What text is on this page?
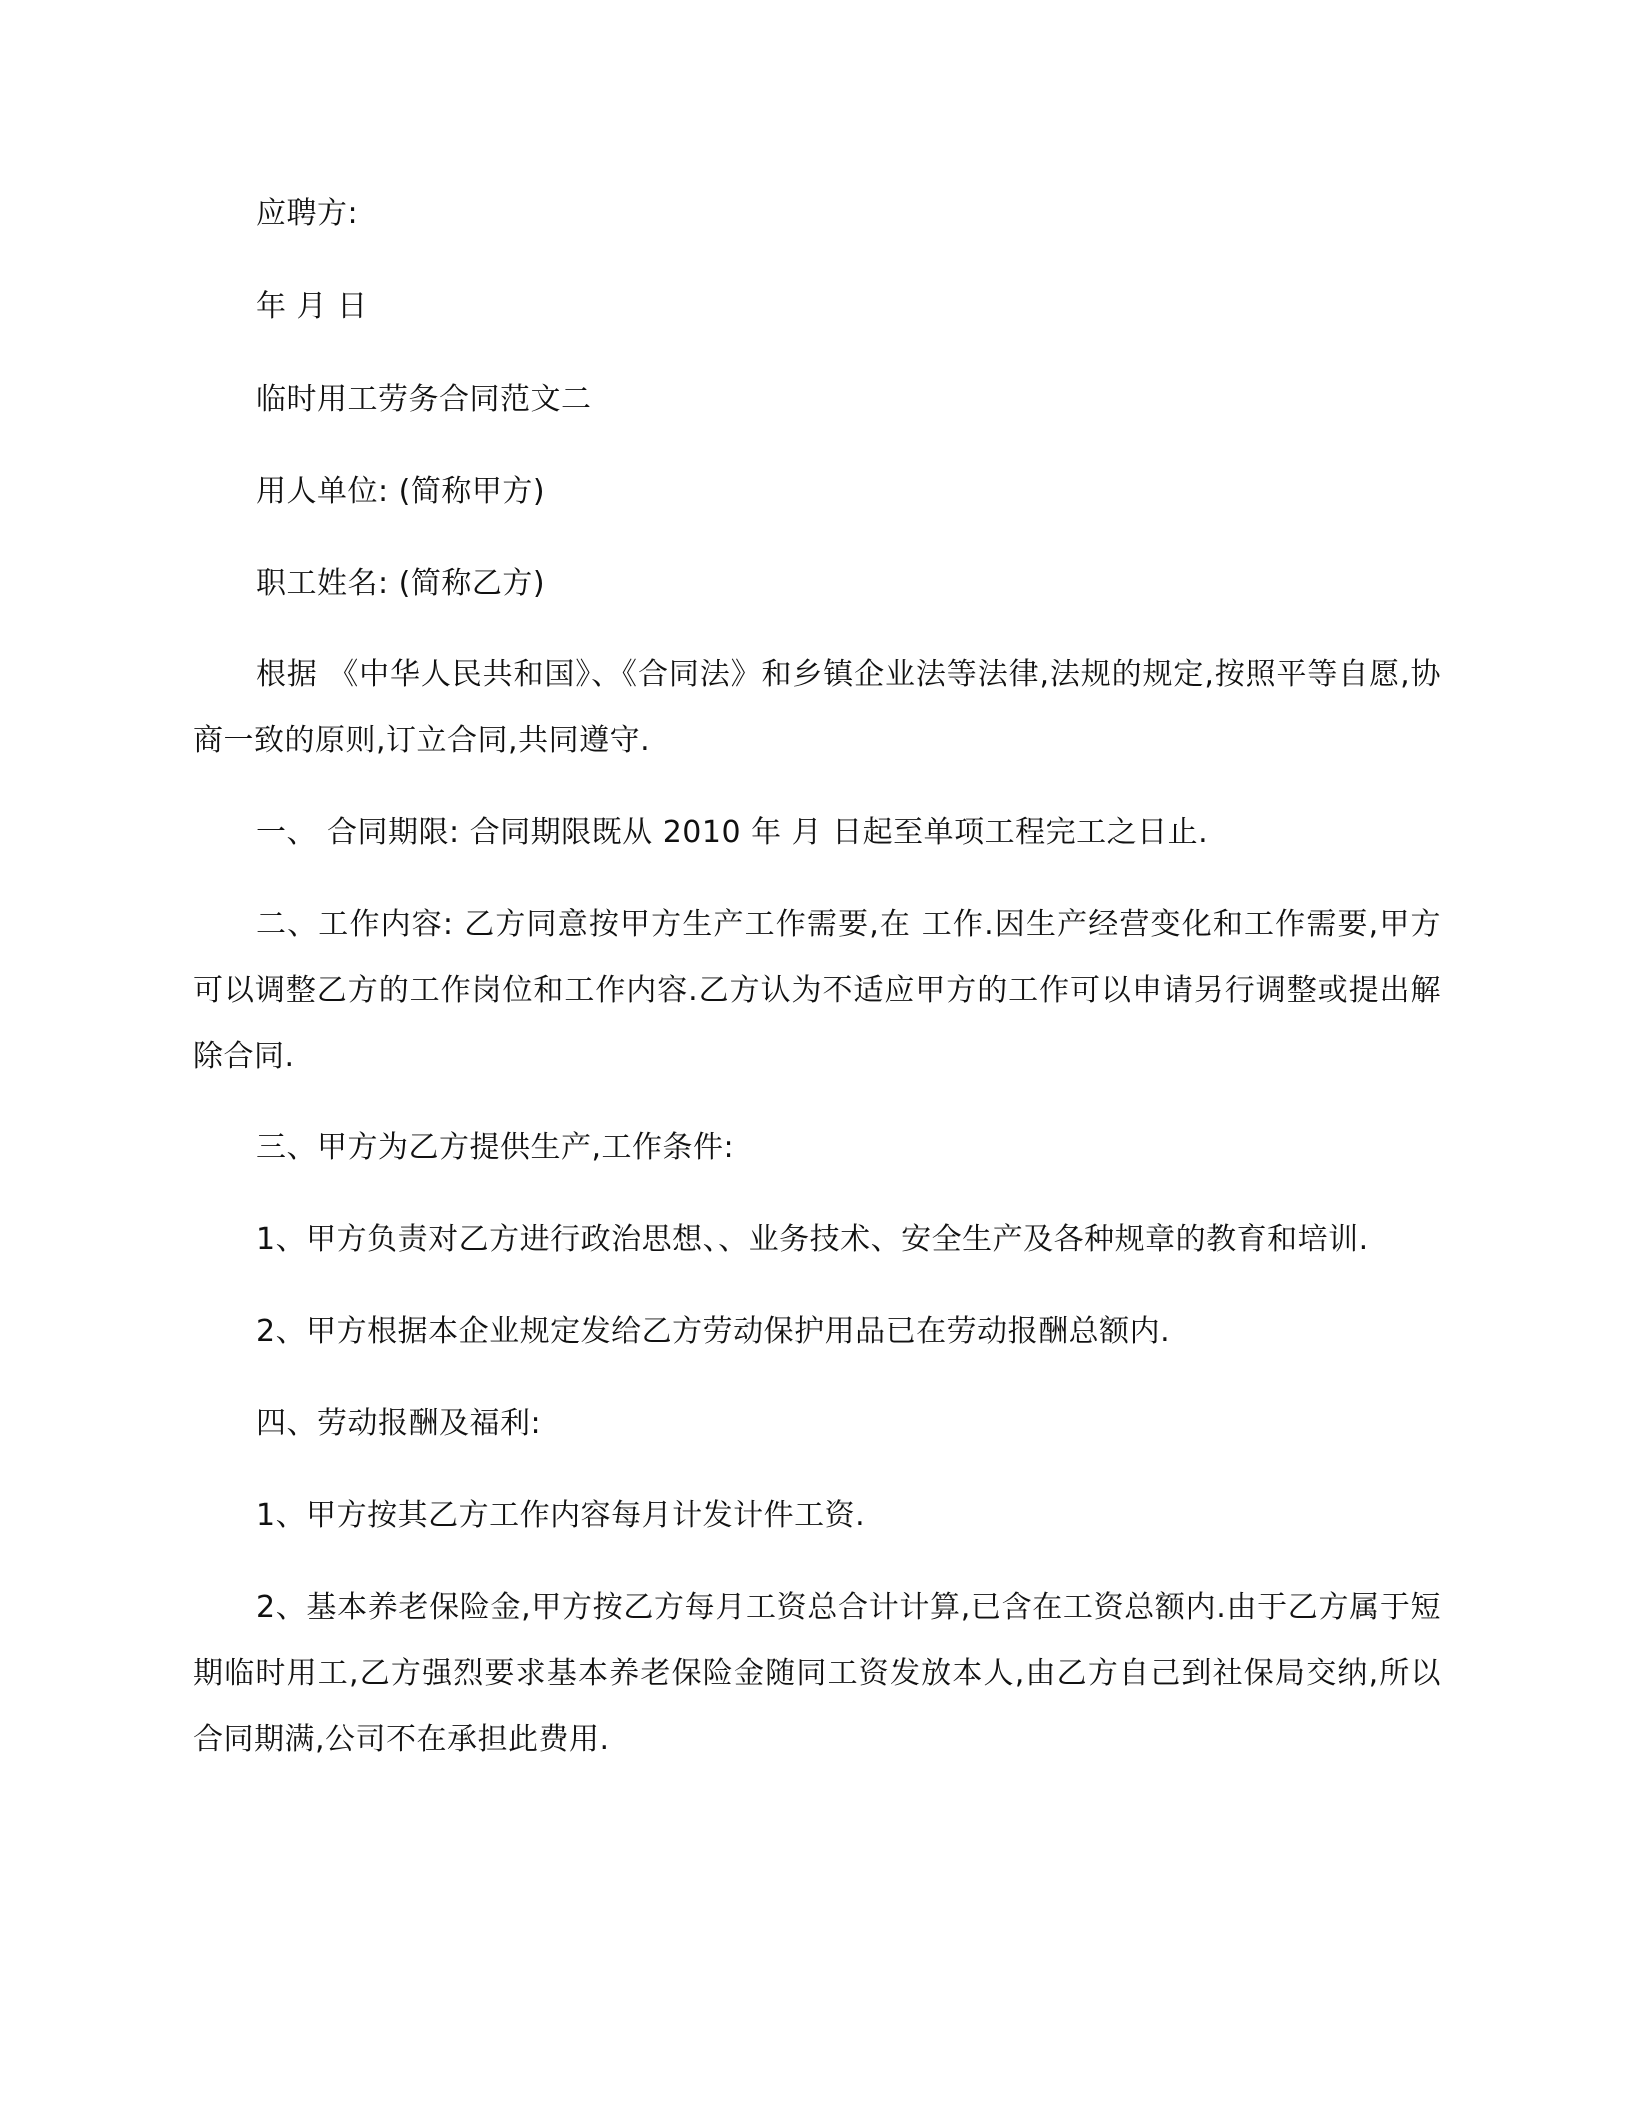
应聘方:

年 月 日

临时用工劳务合同范文二

用人单位: (简称甲方)

职工姓名: (简称乙方)

根据 《中华人民共和国》、《合同法》和乡镇企业法等法律,法规的规定,按照平等自愿,协商一致的原则,订立合同,共同遵守.

一、 合同期限: 合同期限既从 2010 年 月 日起至单项工程完工之日止.

二、工作内容: 乙方同意按甲方生产工作需要,在 工作.因生产经营变化和工作需要,甲方可以调整乙方的工作岗位和工作内容.乙方认为不适应甲方的工作可以申请另行调整或提出解除合同.

三、甲方为乙方提供生产,工作条件:

1、甲方负责对乙方进行政治思想、、业务技术、安全生产及各种规章的教育和培训.

2、甲方根据本企业规定发给乙方劳动保护用品已在劳动报酬总额内.

四、劳动报酬及福利:

1、甲方按其乙方工作内容每月计发计件工资.

2、基本养老保险金,甲方按乙方每月工资总合计计算,已含在工资总额内.由于乙方属于短期临时用工,乙方强烈要求基本养老保险金随同工资发放本人,由乙方自己到社保局交纳,所以合同期满,公司不在承担此费用.
